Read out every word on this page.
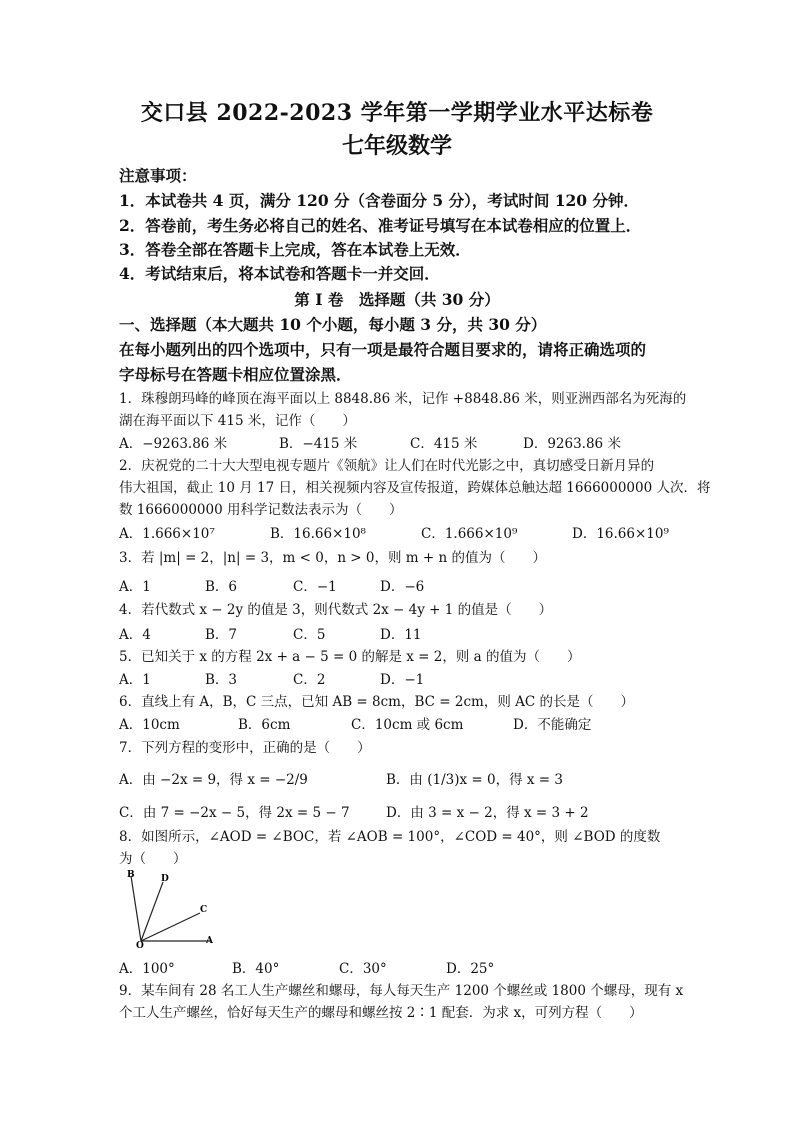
交口县 2022-2023 学年第一学期学业水平达标卷
七年级数学
注意事项：
1．本试卷共 4 页，满分 120 分（含卷面分 5 分），考试时间 120 分钟．
2．答卷前，考生务必将自己的姓名、准考证号填写在本试卷相应的位置上．
3．答卷全部在答题卡上完成，答在本试卷上无效．
4．考试结束后，将本试卷和答题卡一并交回．
第 I 卷　选择题（共 30 分）
一、选择题（本大题共 10 个小题，每小题 3 分，共 30 分）
在每小题列出的四个选项中，只有一项是最符合题目要求的，请将正确选项的
字母标号在答题卡相应位置涂黑．
1．珠穆朗玛峰的峰顶在海平面以上 8848.86 米，记作 +8848.86 米，则亚洲西部名为死海的
湖在海平面以下 415 米，记作（　　）
A．−9263.86 米	B．−415 米	C．415 米	D．9263.86 米
2．庆祝党的二十大大型电视专题片《领航》让人们在时代光影之中，真切感受日新月异的
伟大祖国，截止 10 月 17 日，相关视频内容及宣传报道，跨媒体总触达超 1666000000 人次．将
数 1666000000 用科学记数法表示为（　　）
A．1.666×10⁷	B．16.66×10⁸	C．1.666×10⁹	D．16.66×10⁹
3．若 |m| = 2，|n| = 3，m < 0，n > 0，则 m + n 的值为（　　）
A．1	B．6	C．−1	D．−6
4．若代数式 x − 2y 的值是 3，则代数式 2x − 4y + 1 的值是（　　）
A．4	B．7	C．5	D．11
5．已知关于 x 的方程 2x + a − 5 = 0 的解是 x = 2，则 a 的值为（　　）
A．1	B．3	C．2	D．−1
6．直线上有 A，B，C 三点，已知 AB = 8cm，BC = 2cm，则 AC 的长是（　　）
A．10cm	B．6cm	C．10cm 或 6cm	D．不能确定
7．下列方程的变形中，正确的是（　　）
A．由 −2x = 9，得 x = −2/9	B．由 (1/3)x = 0，得 x = 3
C．由 7 = −2x − 5，得 2x = 5 − 7	D．由 3 = x − 2，得 x = 3 + 2
8．如图所示，∠AOD = ∠BOC，若 ∠AOB = 100°，∠COD = 40°，则 ∠BOD 的度数
为（　　）
B	D
C
A
O
A．100°	B．40°	C．30°	D．25°
9．某车间有 28 名工人生产螺丝和螺母，每人每天生产 1200 个螺丝或 1800 个螺母，现有 x
个工人生产螺丝，恰好每天生产的螺母和螺丝按 2∶1 配套．为求 x，可列方程（　　）
